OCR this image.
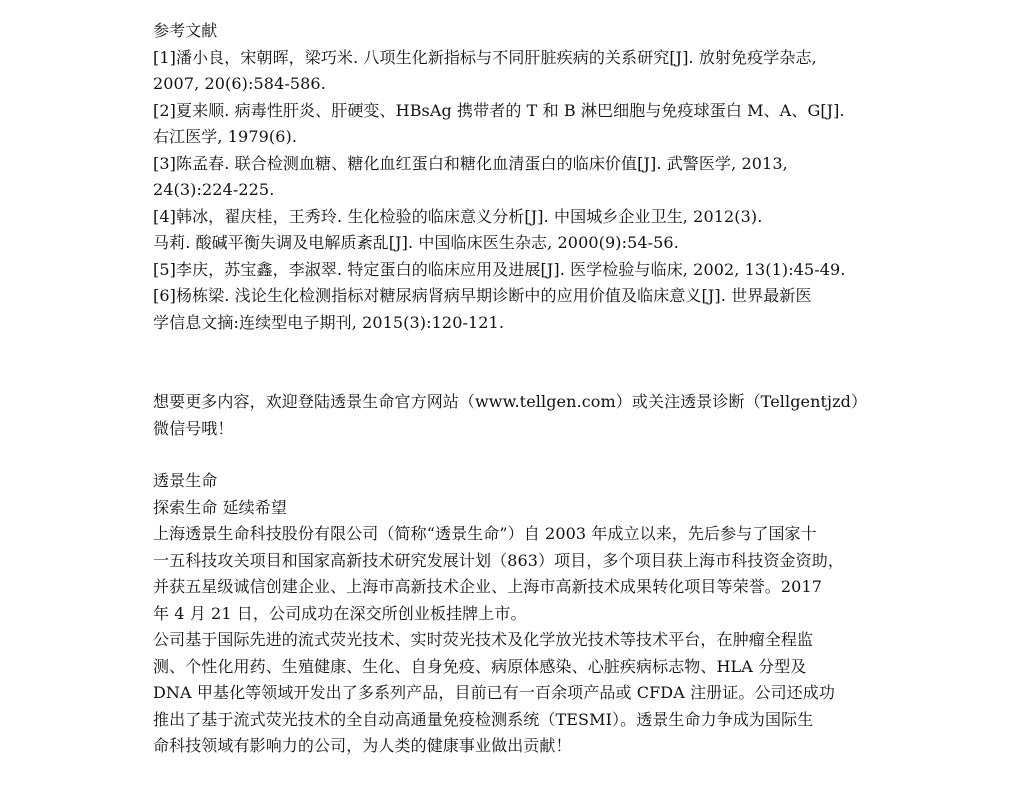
参考文献
[1]潘小良，宋朝晖，梁巧米. 八项生化新指标与不同肝脏疾病的关系研究[J]. 放射免疫学杂志,
2007, 20(6):584-586.
[2]夏来顺. 病毒性肝炎、肝硬变、HBsAg 携带者的 T 和 B 淋巴细胞与免疫球蛋白 M、A、G[J].
右江医学, 1979(6).
[3]陈孟春. 联合检测血糖、糖化血红蛋白和糖化血清蛋白的临床价值[J]. 武警医学, 2013,
24(3):224-225.
[4]韩冰，翟庆桂，王秀玲. 生化检验的临床意义分析[J]. 中国城乡企业卫生, 2012(3).
马莉. 酸碱平衡失调及电解质紊乱[J]. 中国临床医生杂志, 2000(9):54-56.
[5]李庆，苏宝鑫，李淑翠. 特定蛋白的临床应用及进展[J]. 医学检验与临床, 2002, 13(1):45-49.
[6]杨栋梁. 浅论生化检测指标对糖尿病肾病早期诊断中的应用价值及临床意义[J]. 世界最新医
学信息文摘:连续型电子期刊, 2015(3):120-121.
想要更多内容，欢迎登陆透景生命官方网站（www.tellgen.com）或关注透景诊断（Tellgentjzd）
微信号哦！
透景生命
探索生命 延续希望
上海透景生命科技股份有限公司（简称“透景生命”）自 2003 年成立以来，先后参与了国家十
一五科技攻关项目和国家高新技术研究发展计划（863）项目，多个项目获上海市科技资金资助，
并获五星级诚信创建企业、上海市高新技术企业、上海市高新技术成果转化项目等荣誉。2017
年 4 月 21 日，公司成功在深交所创业板挂牌上市。
公司基于国际先进的流式荧光技术、实时荧光技术及化学放光技术等技术平台，在肿瘤全程监
测、个性化用药、生殖健康、生化、自身免疫、病原体感染、心脏疾病标志物、HLA 分型及
DNA 甲基化等领域开发出了多系列产品，目前已有一百余项产品或 CFDA 注册证。公司还成功
推出了基于流式荧光技术的全自动高通量免疫检测系统（TESMI）。透景生命力争成为国际生
命科技领域有影响力的公司，为人类的健康事业做出贡献！
